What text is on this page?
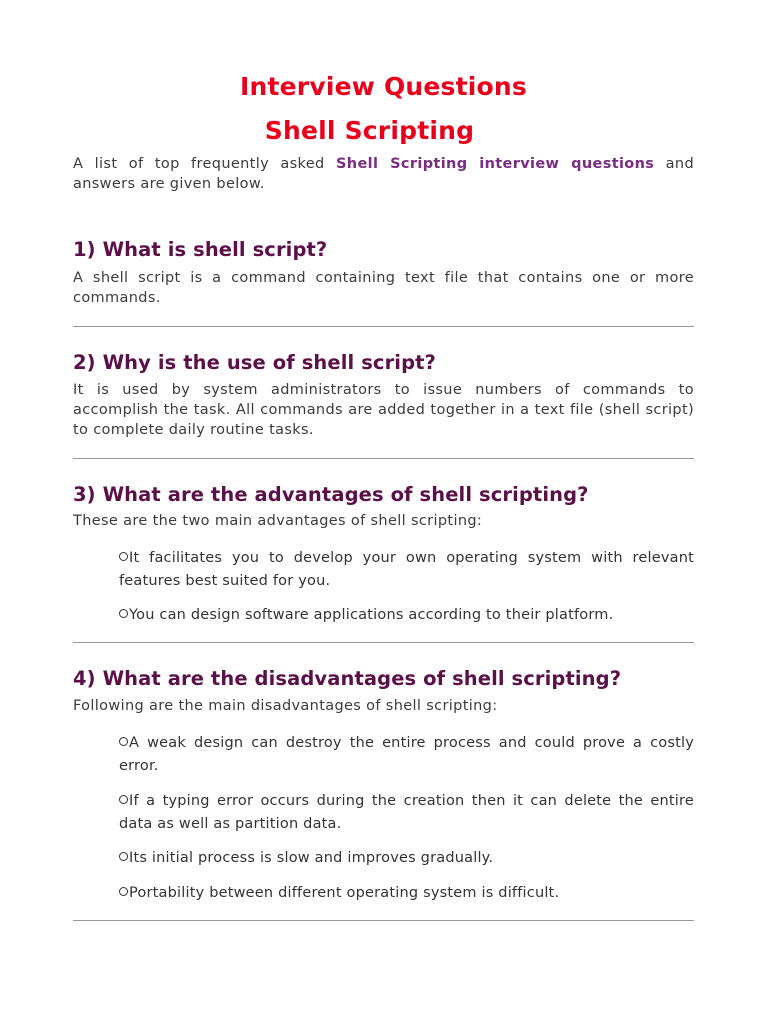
Interview Questions
Shell Scripting

A list of top frequently asked Shell Scripting interview questions and answers are given below.

1) What is shell script?

A shell script is a command containing text file that contains one or more commands.

2) Why is the use of shell script?

It is used by system administrators to issue numbers of commands to accomplish the task. All commands are added together in a text file (shell script) to complete daily routine tasks.

3) What are the advantages of shell scripting?

These are the two main advantages of shell scripting:

It facilitates you to develop your own operating system with relevant features best suited for you.

You can design software applications according to their platform.

4) What are the disadvantages of shell scripting?

Following are the main disadvantages of shell scripting:

A weak design can destroy the entire process and could prove a costly error.

If a typing error occurs during the creation then it can delete the entire data as well as partition data.

Its initial process is slow and improves gradually.

Portability between different operating system is difficult.
